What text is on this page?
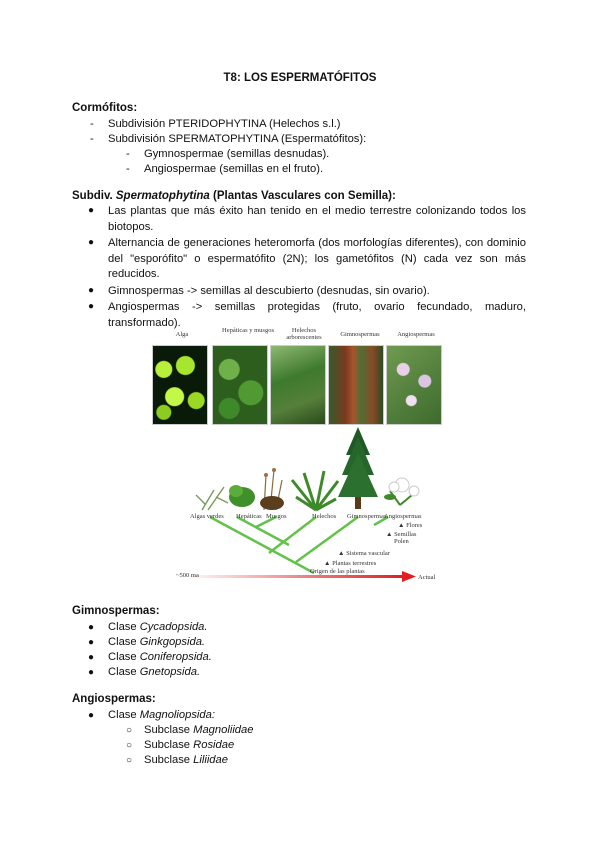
T8: LOS ESPERMATÓFITOS
Cormófitos:
- Subdivisión PTERIDOPHYTINA (Helechos s.l.)
- Subdivisión SPERMATOPHYTINA (Espermatófitos):
- Gymnospermae (semillas desnudas).
- Angiospermae (semillas en el fruto).
Subdiv. Spermatophytina (Plantas Vasculares con Semilla):
● Las plantas que más éxito han tenido en el medio terrestre colonizando todos los biotopos.
● Alternancia de generaciones heteromorfa (dos morfologías diferentes), con dominio del "esporófito" o espermatófito (2N); los gametófitos (N) cada vez son más reducidos.
● Gimnospermas -> semillas al descubierto (desnudas, sin ovario).
● Angiospermas -> semillas protegidas (fruto, ovario fecundado, maduro, transformado).
Alga
Hepáticas y musgos	Helechos arborescentes	Gimnospermas	Angiospermas
Algas verdes Hepáticas Musgos	Helechos Gimnospermas
Angiospermas
▲ Flores
▲ Semillas
Polen
▲ Sistema vascular
▲ Plantas terrestres
Origen de las plantas
~500 ma	Actual
Gimnospermas:
● Clase Cycadopsida.
● Clase Ginkgopsida.
● Clase Coniferopsida.
● Clase Gnetopsida.
Angiospermas:
● Clase Magnoliopsida:
○ Subclase Magnoliidae
○ Subclase Rosidae
○ Subclase Liliidae
